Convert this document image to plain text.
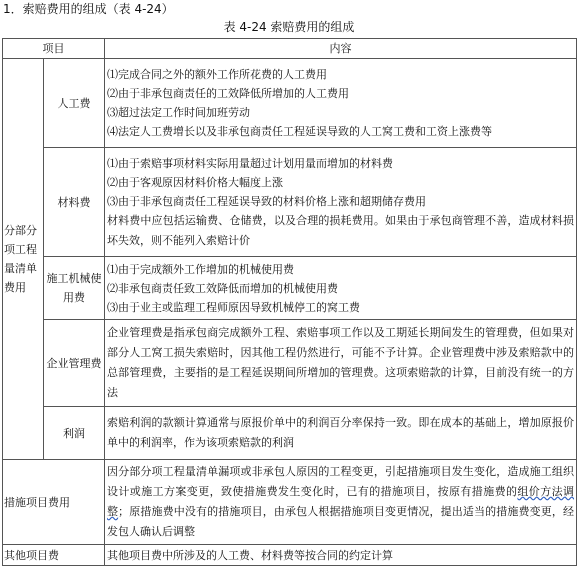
1．索赔费用的组成（表 4-24）
表 4-24 索赔费用的组成
项目		内容
分部分项工程量清单费用	人工费	⑴完成合同之外的额外工作所花费的人工费用
⑵由于非承包商责任的工效降低所增加的人工费用
⑶超过法定工作时间加班劳动
⑷法定人工费增长以及非承包商责任工程延误导致的人工窝工费和工资上涨费等

	材料费	⑴由于索赔事项材料实际用量超过计划用量而增加的材料费
⑵由于客观原因材料价格大幅度上涨
⑶由于非承包商责任工程延误导致的材料价格上涨和超期储存费用
材料费中应包括运输费、仓储费，以及合理的损耗费用。如果由于承包商管理不善，造成材料损坏失效，则不能列入索赔计价

	施工机械使用费	⑴由于完成额外工作增加的机械使用费
⑵非承包商责任致工效降低而增加的机械使用费
⑶由于业主或监理工程师原因导致机械停工的窝工费

	企业管理费	企业管理费是指承包商完成额外工程、索赔事项工作以及工期延长期间发生的管理费，但如果对部分人工窝工损失索赔时，因其他工程仍然进行，可能不予计算。企业管理费中涉及索赔款中的总部管理费，主要指的是工程延误期间所增加的管理费。这项索赔款的计算，目前没有统一的方法

	利润	索赔利润的款额计算通常与原报价单中的利润百分率保持一致。即在成本的基础上，增加原报价单中的利润率，作为该项索赔款的利润

措施项目费用		因分部分项工程量清单漏项或非承包人原因的工程变更，引起措施项目发生变化，造成施工组织设计或施工方案变更，致使措施费发生变化时，已有的措施项目，按原有措施费的组价方法调整；原措施费中没有的措施项目，由承包人根据措施项目变更情况，提出适当的措施费变更，经发包人确认后调整

其他项目费		其他项目费中所涉及的人工费、材料费等按合同的约定计算
